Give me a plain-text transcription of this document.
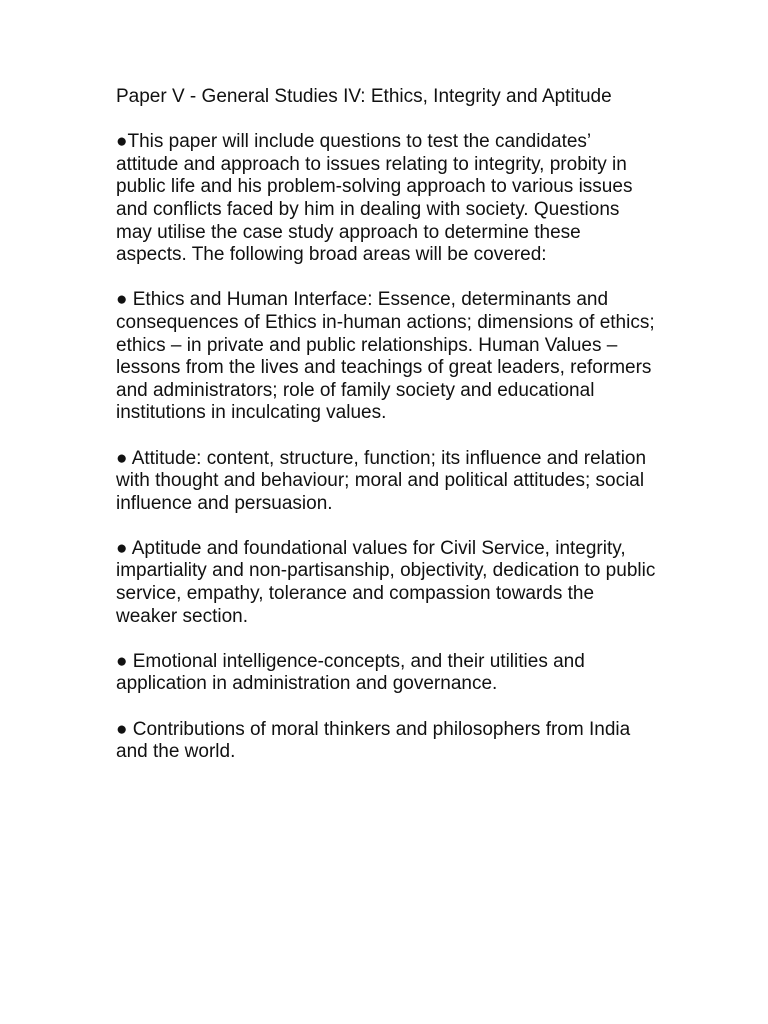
Paper V - General Studies IV: Ethics, Integrity and Aptitude

●This paper will include questions to test the candidates’ attitude and approach to issues relating to integrity, probity in public life and his problem-solving approach to various issues and conflicts faced by him in dealing with society. Questions may utilise the case study approach to determine these aspects. The following broad areas will be covered:

● Ethics and Human Interface: Essence, determinants and consequences of Ethics in-human actions; dimensions of ethics; ethics – in private and public relationships. Human Values – lessons from the lives and teachings of great leaders, reformers and administrators; role of family society and educational institutions in inculcating values.

● Attitude: content, structure, function; its influence and relation with thought and behaviour; moral and political attitudes; social influence and persuasion.

● Aptitude and foundational values for Civil Service, integrity, impartiality and non-partisanship, objectivity, dedication to public service, empathy, tolerance and compassion towards the weaker section.

● Emotional intelligence-concepts, and their utilities and application in administration and governance.

● Contributions of moral thinkers and philosophers from India and the world.
